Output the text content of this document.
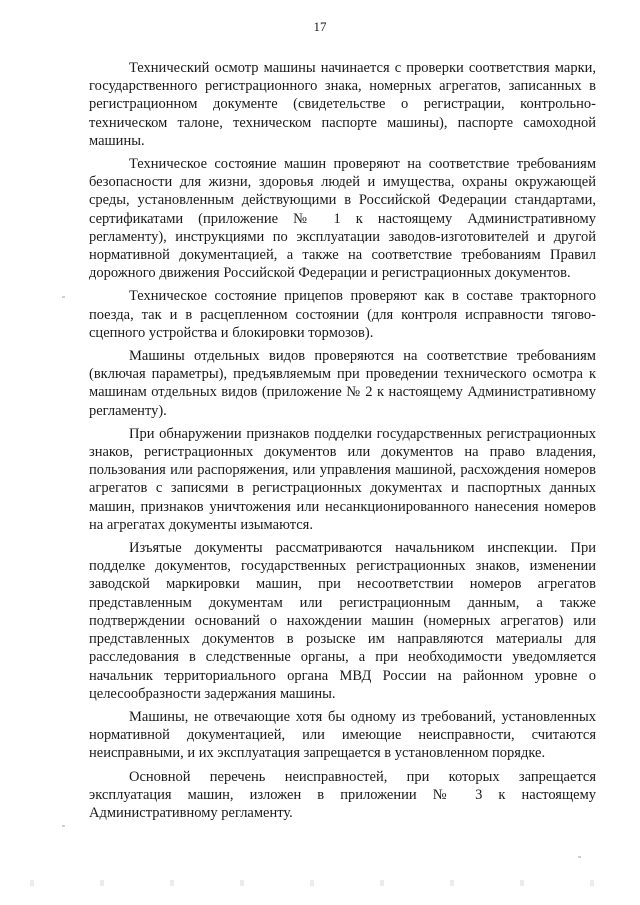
17

Технический осмотр машины начинается с проверки соответствия марки, государственного регистрационного знака, номерных агрегатов, записанных в регистрационном документе (свидетельстве о регистрации, контрольно-техническом талоне, техническом паспорте машины), паспорте самоходной машины.

Техническое состояние машин проверяют на соответствие требованиям безопасности для жизни, здоровья людей и имущества, охраны окружающей среды, установленным действующими в Российской Федерации стандартами, сертификатами (приложение № 1 к настоящему Административному регламенту), инструкциями по эксплуатации заводов-изготовителей и другой нормативной документацией, а также на соответствие требованиям Правил дорожного движения Российской Федерации и регистрационных документов.

Техническое состояние прицепов проверяют как в составе тракторного поезда, так и в расцепленном состоянии (для контроля исправности тягово-сцепного устройства и блокировки тормозов).

Машины отдельных видов проверяются на соответствие требованиям (включая параметры), предъявляемым при проведении технического осмотра к машинам отдельных видов (приложение № 2 к настоящему Административному регламенту).

При обнаружении признаков подделки государственных регистрационных знаков, регистрационных документов или документов на право владения, пользования или распоряжения, или управления машиной, расхождения номеров агрегатов с записями в регистрационных документах и паспортных данных машин, признаков уничтожения или несанкционированного нанесения номеров на агрегатах документы изымаются.

Изъятые документы рассматриваются начальником инспекции. При подделке документов, государственных регистрационных знаков, изменении заводской маркировки машин, при несоответствии номеров агрегатов представленным документам или регистрационным данным, а также подтверждении оснований о нахождении машин (номерных агрегатов) или представленных документов в розыске им направляются материалы для расследования в следственные органы, а при необходимости уведомляется начальник территориального органа МВД России на районном уровне о целесообразности задержания машины.

Машины, не отвечающие хотя бы одному из требований, установленных нормативной документацией, или имеющие неисправности, считаются неисправными, и их эксплуатация запрещается в установленном порядке.

Основной перечень неисправностей, при которых запрещается эксплуатация машин, изложен в приложении № 3 к настоящему Административному регламенту.
